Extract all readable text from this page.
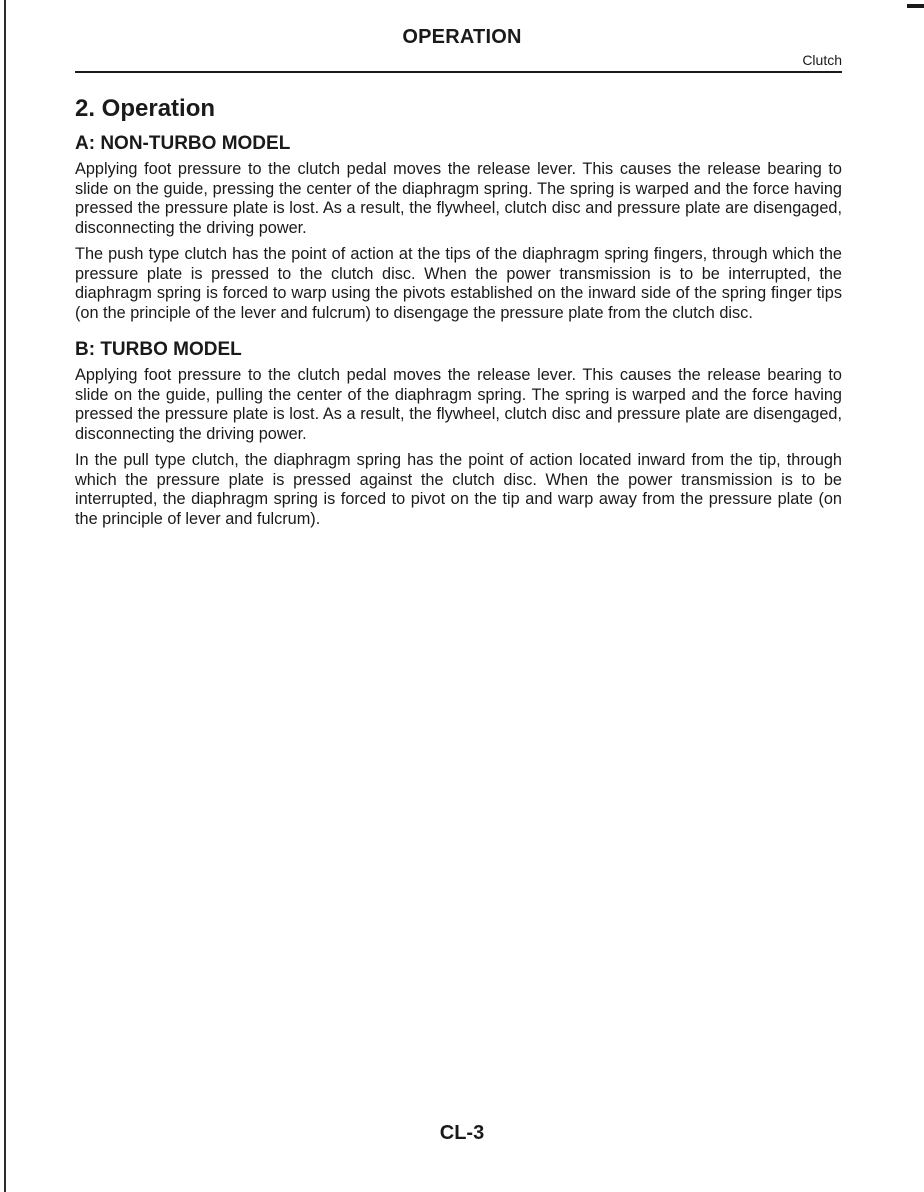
OPERATION
Clutch
2. Operation
A: NON-TURBO MODEL

Applying foot pressure to the clutch pedal moves the release lever. This causes the release bearing to slide on the guide, pressing the center of the diaphragm spring. The spring is warped and the force having pressed the pressure plate is lost. As a result, the flywheel, clutch disc and pressure plate are disengaged, disconnecting the driving power.

The push type clutch has the point of action at the tips of the diaphragm spring fingers, through which the pressure plate is pressed to the clutch disc. When the power transmission is to be interrupted, the diaphragm spring is forced to warp using the pivots established on the inward side of the spring finger tips (on the principle of the lever and fulcrum) to disengage the pressure plate from the clutch disc.

B: TURBO MODEL

Applying foot pressure to the clutch pedal moves the release lever. This causes the release bearing to slide on the guide, pulling the center of the diaphragm spring. The spring is warped and the force having pressed the pressure plate is lost. As a result, the flywheel, clutch disc and pressure plate are disengaged, disconnecting the driving power.

In the pull type clutch, the diaphragm spring has the point of action located inward from the tip, through which the pressure plate is pressed against the clutch disc. When the power transmission is to be interrupted, the diaphragm spring is forced to pivot on the tip and warp away from the pressure plate (on the principle of lever and fulcrum).

CL-3
